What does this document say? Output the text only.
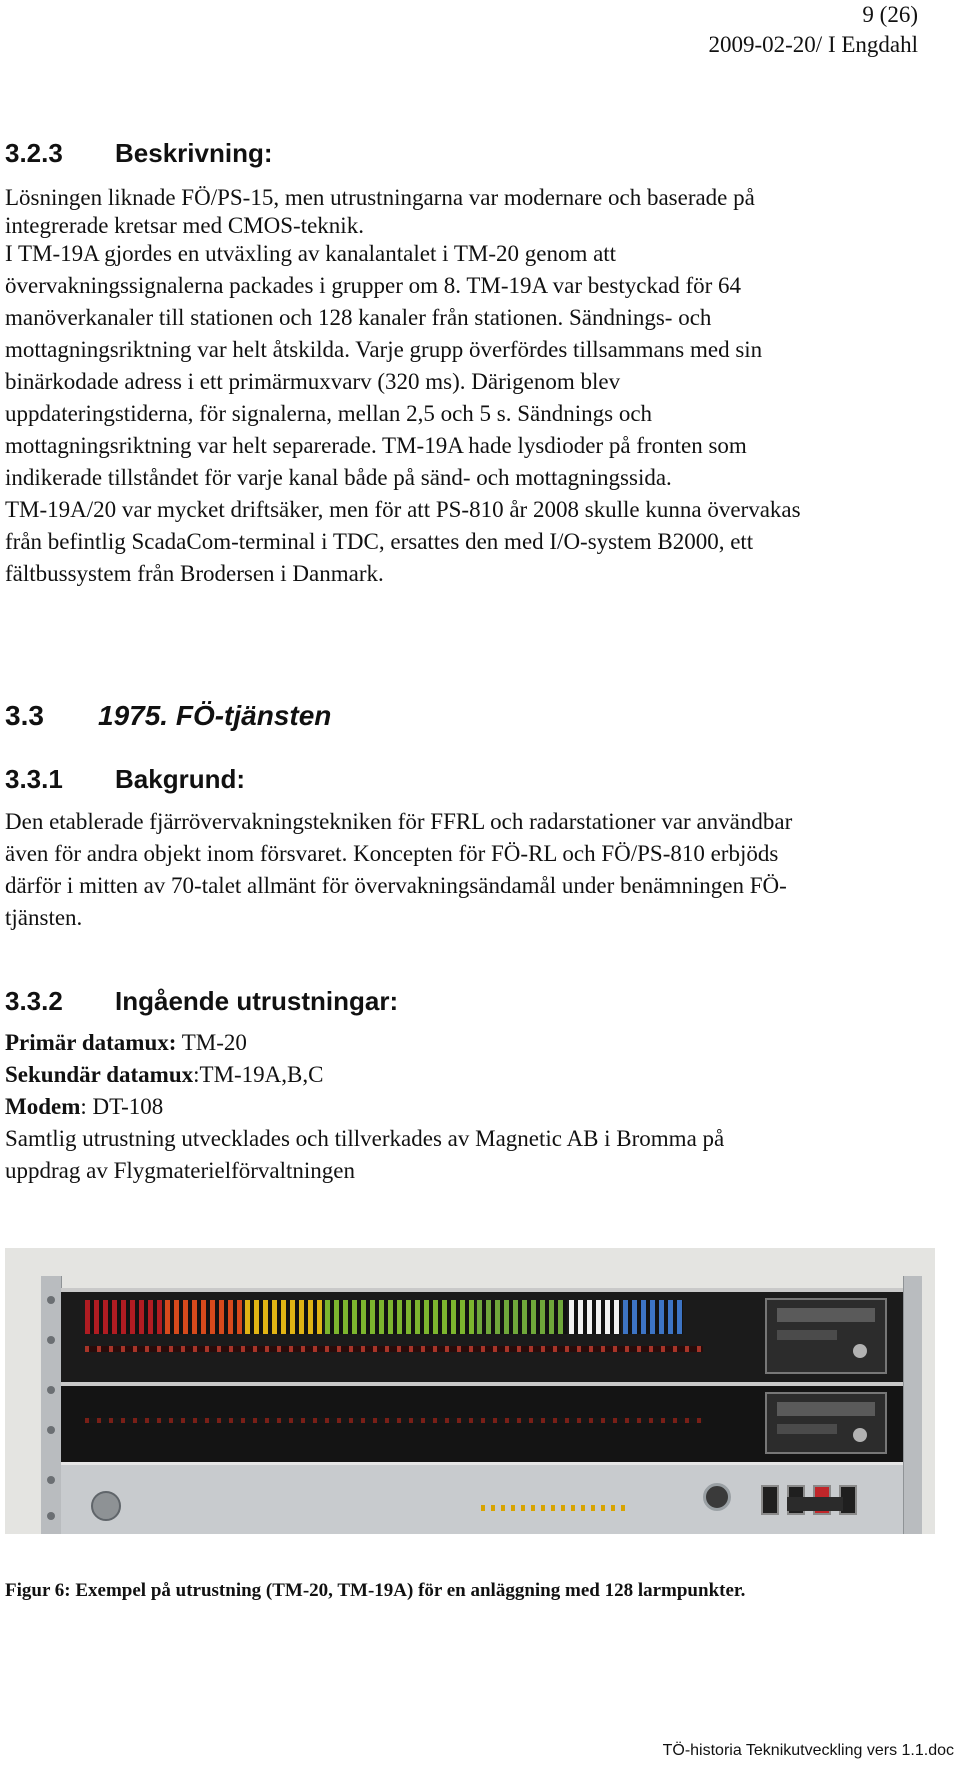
9 (26)
2009-02-20/ I Engdahl
3.2.3 Beskrivning:
Lösningen liknade FÖ/PS-15, men utrustningarna var modernare och baserade på
integrerade kretsar med CMOS-teknik.
I TM-19A gjordes en utväxling av kanalantalet i TM-20 genom att
övervakningssignalerna packades i grupper om 8. TM-19A var bestyckad för 64
manöverkanaler till stationen och 128 kanaler från stationen. Sändnings- och
mottagningsriktning var helt åtskilda. Varje grupp överfördes tillsammans med sin
binärkodade adress i ett primärmuxvarv (320 ms). Därigenom blev
uppdateringstiderna, för signalerna, mellan 2,5 och 5 s. Sändnings och
mottagningsriktning var helt separerade. TM-19A hade lysdioder på fronten som
indikerade tillståndet för varje kanal både på sänd- och mottagningssida.
TM-19A/20 var mycket driftsäker, men för att PS-810 år 2008 skulle kunna övervakas
från befintlig ScadaCom-terminal i TDC, ersattes den med I/O-system B2000, ett
fältbussystem från Brodersen i Danmark.
3.3 1975. FÖ-tjänsten
3.3.1 Bakgrund:
Den etablerade fjärrövervakningstekniken för FFRL och radarstationer var användbar
även för andra objekt inom försvaret. Koncepten för FÖ-RL och FÖ/PS-810 erbjöds
därför i mitten av 70-talet allmänt för övervakningsändamål under benämningen FÖ-
tjänsten.
3.3.2 Ingående utrustningar:
Primär datamux: TM-20
Sekundär datamux:TM-19A,B,C
Modem: DT-108
Samtlig utrustning utvecklades och tillverkades av Magnetic AB i Bromma på
uppdrag av Flygmaterielförvaltningen
Figur 6: Exempel på utrustning (TM-20, TM-19A) för en anläggning med 128 larmpunkter.
TÖ-historia Teknikutveckling vers 1.1.doc
